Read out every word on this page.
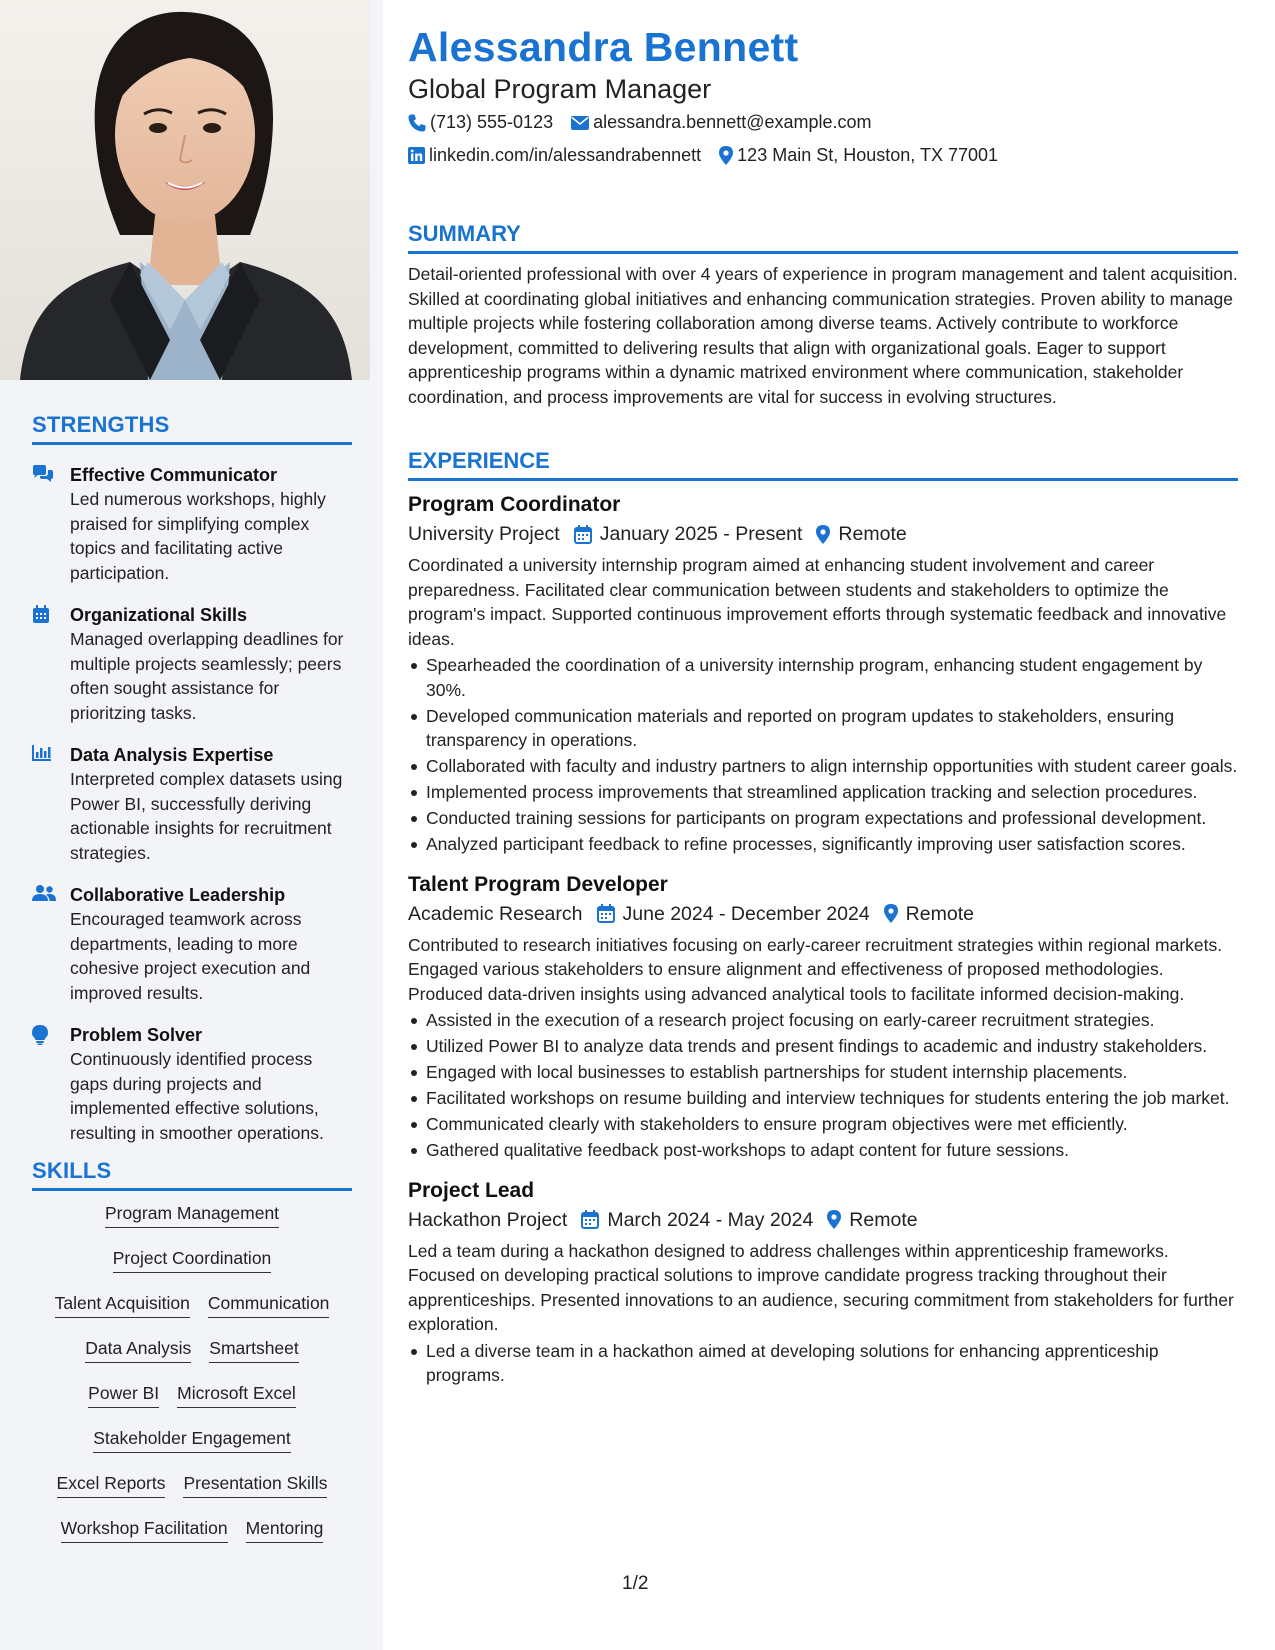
STRENGTHS
Effective Communicator
Led numerous workshops, highly praised for simplifying complex topics and facilitating active participation.
Organizational Skills
Managed overlapping deadlines for multiple projects seamlessly; peers often sought assistance for prioritzing tasks.
Data Analysis Expertise
Interpreted complex datasets using Power BI, successfully deriving actionable insights for recruitment strategies.
Collaborative Leadership
Encouraged teamwork across departments, leading to more cohesive project execution and improved results.
Problem Solver
Continuously identified process gaps during projects and implemented effective solutions, resulting in smoother operations.
SKILLS
Program Management
Project Coordination
Talent Acquisition Communication
Data Analysis Smartsheet
Power BI Microsoft Excel
Stakeholder Engagement
Excel Reports Presentation Skills
Workshop Facilitation Mentoring
Alessandra Bennett
Global Program Manager
(713) 555-0123 alessandra.bennett@example.com
linkedin.com/in/alessandrabennett 123 Main St, Houston, TX 77001
SUMMARY
Detail-oriented professional with over 4 years of experience in program management and talent acquisition. Skilled at coordinating global initiatives and enhancing communication strategies. Proven ability to manage multiple projects while fostering collaboration among diverse teams. Actively contribute to workforce development, committed to delivering results that align with organizational goals. Eager to support apprenticeship programs within a dynamic matrixed environment where communication, stakeholder coordination, and process improvements are vital for success in evolving structures.
EXPERIENCE
Program Coordinator
University Project January 2025 - Present Remote
Coordinated a university internship program aimed at enhancing student involvement and career preparedness. Facilitated clear communication between students and stakeholders to optimize the program's impact. Supported continuous improvement efforts through systematic feedback and innovative ideas.
Spearheaded the coordination of a university internship program, enhancing student engagement by 30%.
Developed communication materials and reported on program updates to stakeholders, ensuring transparency in operations.
Collaborated with faculty and industry partners to align internship opportunities with student career goals.
Implemented process improvements that streamlined application tracking and selection procedures.
Conducted training sessions for participants on program expectations and professional development.
Analyzed participant feedback to refine processes, significantly improving user satisfaction scores.
Talent Program Developer
Academic Research June 2024 - December 2024 Remote
Contributed to research initiatives focusing on early-career recruitment strategies within regional markets. Engaged various stakeholders to ensure alignment and effectiveness of proposed methodologies. Produced data-driven insights using advanced analytical tools to facilitate informed decision-making.
Assisted in the execution of a research project focusing on early-career recruitment strategies.
Utilized Power BI to analyze data trends and present findings to academic and industry stakeholders.
Engaged with local businesses to establish partnerships for student internship placements.
Facilitated workshops on resume building and interview techniques for students entering the job market.
Communicated clearly with stakeholders to ensure program objectives were met efficiently.
Gathered qualitative feedback post-workshops to adapt content for future sessions.
Project Lead
Hackathon Project March 2024 - May 2024 Remote
Led a team during a hackathon designed to address challenges within apprenticeship frameworks. Focused on developing practical solutions to improve candidate progress tracking throughout their apprenticeships. Presented innovations to an audience, securing commitment from stakeholders for further exploration.
Led a diverse team in a hackathon aimed at developing solutions for enhancing apprenticeship programs.
1/2
